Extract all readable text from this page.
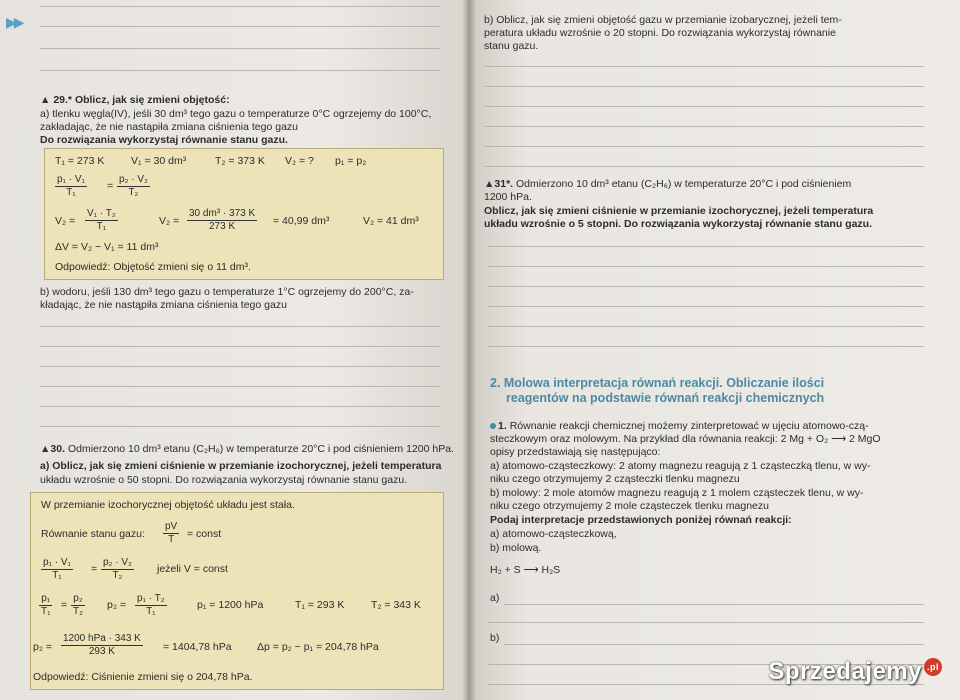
▶▶
▲ 29.* Oblicz, jak się zmieni objętość:
a) tlenku węgla(IV), jeśli 30 dm³ tego gazu o temperaturze 0°C ogrzejemy do 100°C,
zakładając, że nie nastąpiła zmiana ciśnienia tego gazu
Do rozwiązania wykorzystaj równanie stanu gazu.
T₁ = 273 K	V₁ = 30 dm³	T₂ = 373 K V₂ = ? p₁ = p₂
$\frac{\text{p₁ · V₁}}{\text{T₁}} = \frac{\text{p₂ · V₂}}{\text{T₂}}$
$V_2 = \frac{\text{V₁ · T₂}}{\text{T₁}}$	$V_2 = \frac{\text{30 dm³ · 373 K}}{273 K} = 40,99$ dm³	V₂ = 41 dm³
ΔV = V₂ − V₁ = 11 dm³
Odpowiedź: Objętość zmieni się o 11 dm³.
b) wodoru, jeśli 130 dm³ tego gazu o temperaturze 1°C ogrzejemy do 200°C, za-
kładając, że nie nastąpiła zmiana ciśnienia tego gazu
▲30. Odmierzono 10 dm³ etanu (C₂H₆) w temperaturze 20°C i pod ciśnieniem 1200 hPa.
a) Oblicz, jak się zmieni ciśnienie w przemianie izochorycznej, jeżeli temperatura
układu wzrośnie o 50 stopni. Do rozwiązania wykorzystaj równanie stanu gazu.
W przemianie izochorycznej objętość układu jest stała.
Równanie stanu gazu: $\frac{pV}{T}$ = const
$\frac{\text{p₁ · V₁}}{\text{T₁}} = \frac{\text{p₂ · V₂}}{\text{T₂}}$ jeżeli V = const
$\frac{\text{p₁}}{\text{T₁}} = \frac{\text{p₂}}{\text{T₂}} p_2 = \frac{\text{p₁ · T₂}}{\text{T₁}}$	p₁ = 1200 hPa	T₁ = 293 K	T₂ = 343 K
p₂ =
1200 hPa · 343 K
293 K	= 1404,78 hPa Δp = p₂ − p₁ = 204,78 hPa
Odpowiedź: Ciśnienie zmieni się o 204,78 hPa.
b) Oblicz, jak się zmieni objętość gazu w przemianie izobarycznej, jeżeli tem-
peratura układu wzrośnie o 20 stopni. Do rozwiązania wykorzystaj równanie
stanu gazu.
▲31*. Odmierzono 10 dm³ etanu (C₂H₆) w temperaturze 20°C i pod ciśnieniem
1200 hPa.
Oblicz, jak się zmieni ciśnienie w przemianie izochorycznej, jeżeli temperatura
układu wzrośnie o 5 stopni. Do rozwiązania wykorzystaj równanie stanu gazu.
2. Molowa interpretacja równań reakcji. Obliczanie ilości
reagentów na podstawie równań reakcji chemicznych
1. Równanie reakcji chemicznej możemy zinterpretować w ujęciu atomowo-czą-
steczkowym oraz molowym. Na przykład dla równania reakcji: 2 Mg + O₂ ⟶ 2 MgO
opisy przedstawiają się następująco:
a) atomowo-cząsteczkowy: 2 atomy magnezu reagują z 1 cząsteczką tlenu, w wy-
niku czego otrzymujemy 2 cząsteczki tlenku magnezu
b) molowy: 2 mole atomów magnezu reagują z 1 molem cząsteczek tlenu, w wy-
niku czego otrzymujemy 2 mole cząsteczek tlenku magnezu
Podaj interpretacje przedstawionych poniżej równań reakcji:
a) atomowo-cząsteczkową,
b) molową.
H₂ + S ⟶ H₂S
a)
b)
Sprzedajemy .pl
